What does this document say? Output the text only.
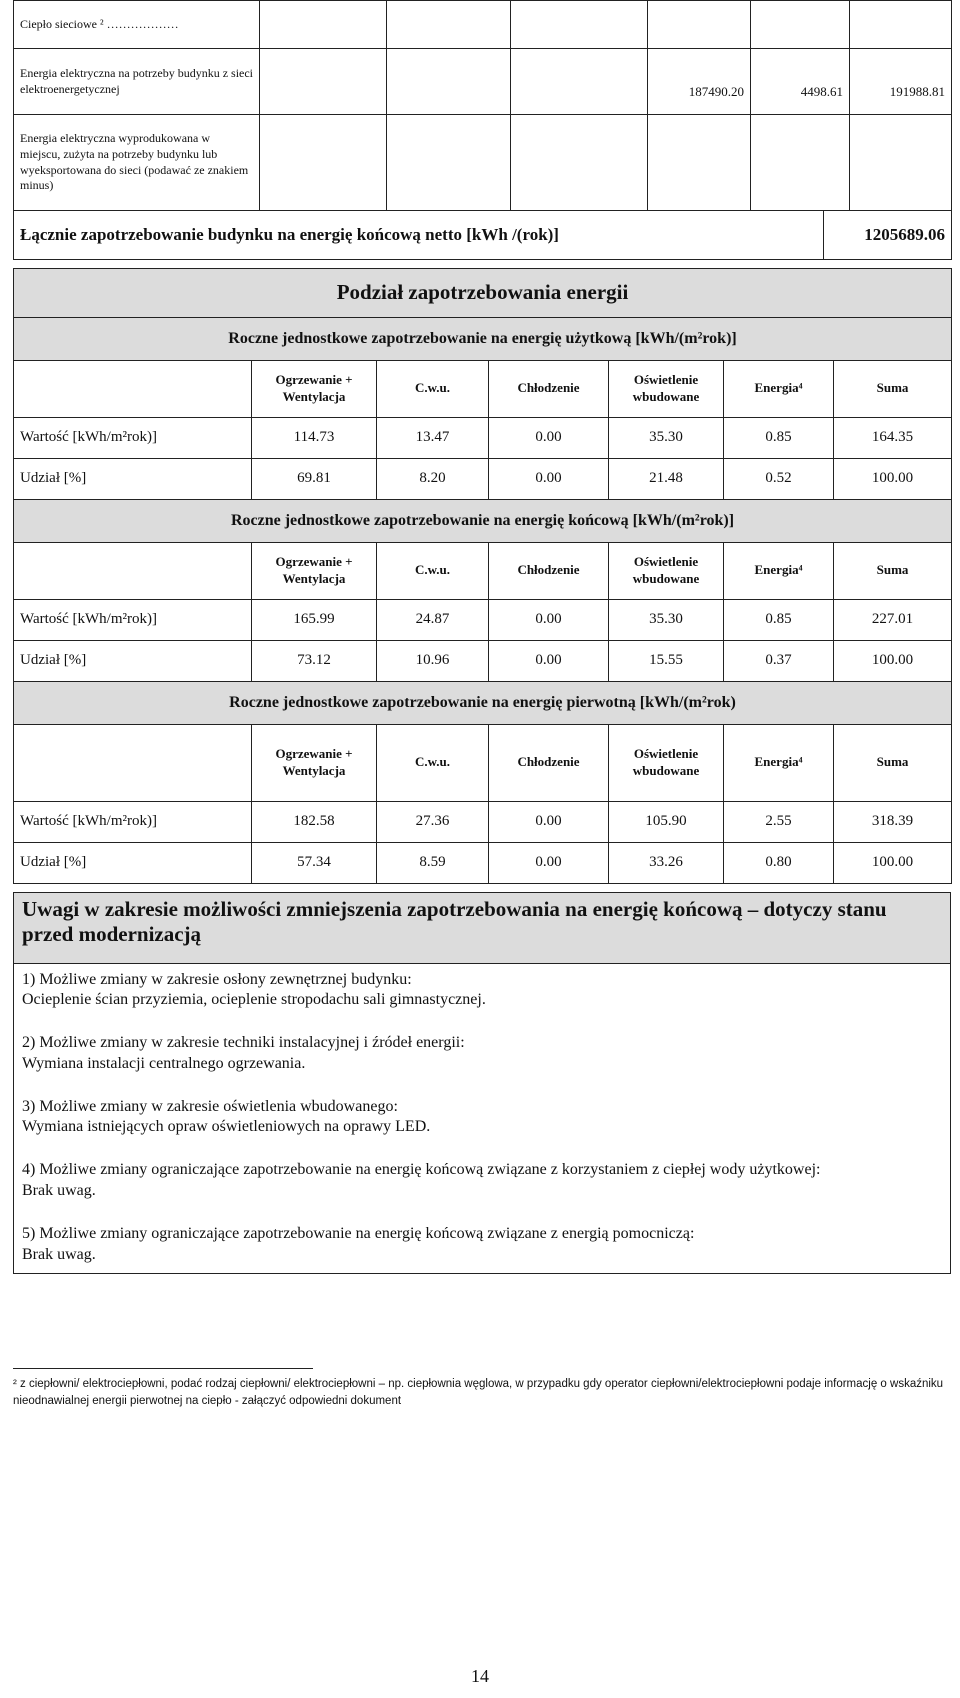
Ciepło sieciowe ² ………………						
Energia elektryczna na potrzeby budynku z sieci elektroenergetycznej				187490.20	4498.61	191988.81
Energia elektryczna wyprodukowana w miejscu, zużyta na potrzeby budynku lub wyeksportowana do sieci (podawać ze znakiem minus)						
Łącznie zapotrzebowanie budynku na energię końcową netto [kWh /(rok)]	1205689.06
Podział zapotrzebowania energii						
Roczne jednostkowe zapotrzebowanie na energię użytkową [kWh/(m²rok)]						
	Ogrzewanie + Wentylacja	C.w.u.	Chłodzenie	Oświetlenie wbudowane	Energia⁴	Suma
Wartość [kWh/m²rok)]	114.73	13.47	0.00	35.30	0.85	164.35
Udział [%]	69.81	8.20	0.00	21.48	0.52	100.00
Roczne jednostkowe zapotrzebowanie na energię końcową [kWh/(m²rok)]						
	Ogrzewanie + Wentylacja	C.w.u.	Chłodzenie	Oświetlenie wbudowane	Energia⁴	Suma
Wartość [kWh/m²rok)]	165.99	24.87	0.00	35.30	0.85	227.01
Udział [%]	73.12	10.96	0.00	15.55	0.37	100.00
Roczne jednostkowe zapotrzebowanie na energię pierwotną [kWh/(m²rok)						
	Ogrzewanie + Wentylacja	C.w.u.	Chłodzenie	Oświetlenie wbudowane	Energia⁴	Suma
Wartość [kWh/m²rok)]	182.58	27.36	0.00	105.90	2.55	318.39
Udział [%]	57.34	8.59	0.00	33.26	0.80	100.00
Uwagi w zakresie możliwości zmniejszenia zapotrzebowania na energię końcową – dotyczy stanu przed modernizacją

1) Możliwe zmiany w zakresie osłony zewnętrznej budynku:
Ocieplenie ścian przyziemia, ocieplenie stropodachu sali gimnastycznej.

2) Możliwe zmiany w zakresie techniki instalacyjnej i źródeł energii:
Wymiana instalacji centralnego ogrzewania.

3) Możliwe zmiany w zakresie oświetlenia wbudowanego:
Wymiana istniejących opraw oświetleniowych na oprawy LED.

4) Możliwe zmiany ograniczające zapotrzebowanie na energię końcową związane z korzystaniem z ciepłej wody użytkowej:
Brak uwag.

5) Możliwe zmiany ograniczające zapotrzebowanie na energię końcową związane z energią pomocniczą:
Brak uwag.

² z ciepłowni/ elektrociepłowni, podać rodzaj ciepłowni/ elektrociepłowni – np. ciepłownia węglowa, w przypadku gdy operator ciepłowni/elektrociepłowni podaje informację o wskaźniku nieodnawialnej energii pierwotnej na ciepło - załączyć odpowiedni dokument
14
